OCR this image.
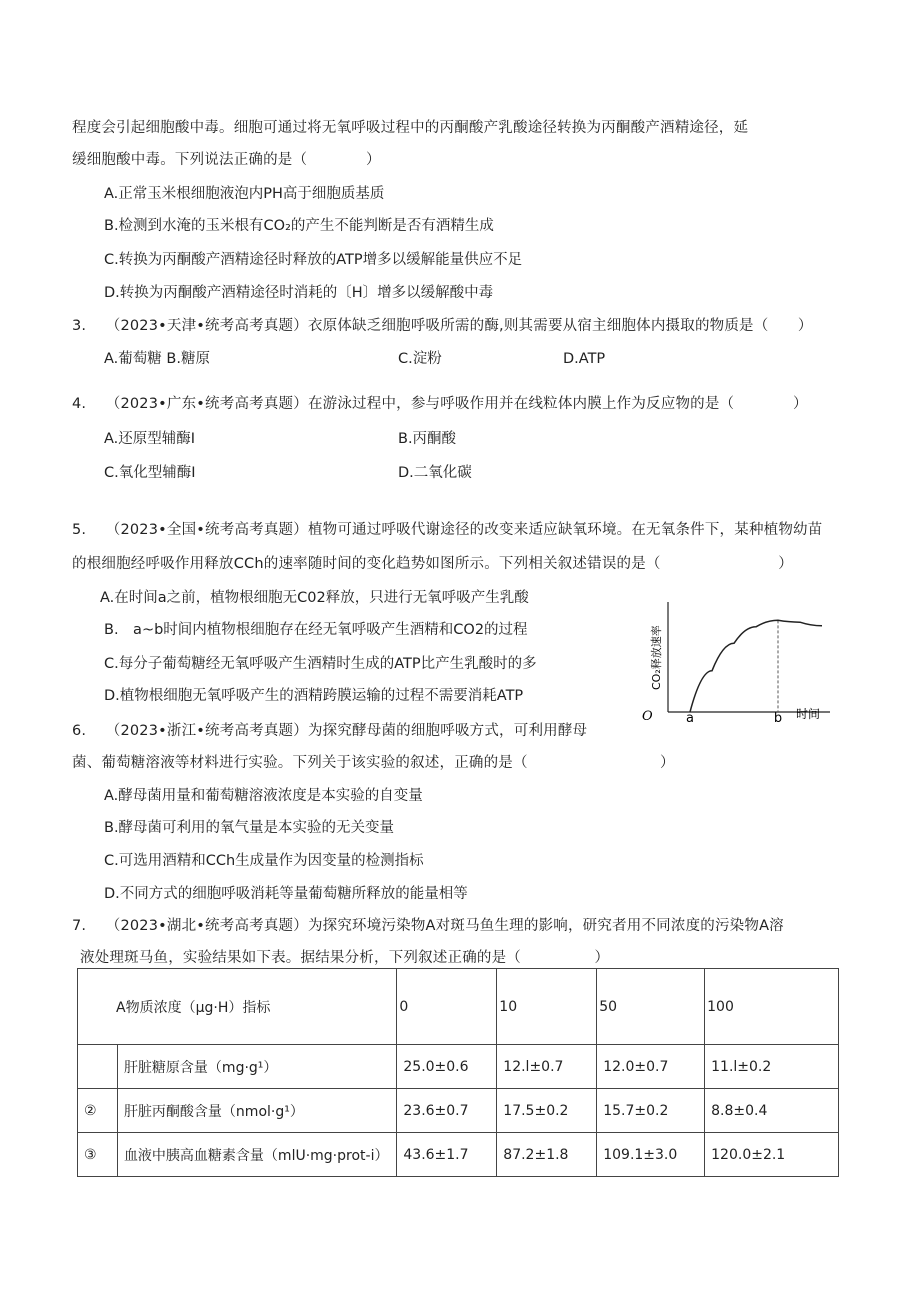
程度会引起细胞酸中毒。细胞可通过将无氧呼吸过程中的丙酮酸产乳酸途径转换为丙酮酸产酒精途径，延
缓细胞酸中毒。下列说法正确的是（　　　　）
A.正常玉米根细胞液泡内PH高于细胞质基质
B.检测到水淹的玉米根有CO₂的产生不能判断是否有酒精生成
C.转换为丙酮酸产酒精途径时释放的ATP增多以缓解能量供应不足
D.转换为丙酮酸产酒精途径时消耗的〔H〕增多以缓解酸中毒
3.　 （2023•天津•统考高考真题）衣原体缺乏细胞呼吸所需的酶,则其需要从宿主细胞体内摄取的物质是（　　）
A.葡萄糖 B.糖原	C.淀粉	D.ATP
4.　 （2023•广东•统考高考真题）在游泳过程中，参与呼吸作用并在线粒体内膜上作为反应物的是（　　　　）
A.还原型辅酶I	B.丙酮酸
C.氧化型辅酶I	D.二氧化碳
5.　 （2023•全国•统考高考真题）植物可通过呼吸代谢途径的改变来适应缺氧环境。在无氧条件下，某种植物幼苗
的根细胞经呼吸作用释放CCh的速率随时间的变化趋势如图所示。下列相关叙述错误的是（　　　　　　　　）
A.在时间a之前，植物根细胞无C02释放，只进行无氧呼吸产生乳酸
B.　a~b时间内植物根细胞存在经无氧呼吸产生酒精和CO2的过程
C.每分子葡萄糖经无氧呼吸产生酒精时生成的ATP比产生乳酸时的多
D.植物根细胞无氧呼吸产生的酒精跨膜运输的过程不需要消耗ATP
O	a	b 时间
CO₂释放速率
6.　 （2023•浙江•统考高考真题）为探究酵母菌的细胞呼吸方式，可利用酵母
菌、葡萄糖溶液等材料进行实验。下列关于该实验的叙述，正确的是（　　　　　　　　　）
A.酵母菌用量和葡萄糖溶液浓度是本实验的自变量
B.酵母菌可利用的氧气量是本实验的无关变量
C.可选用酒精和CCh生成量作为因变量的检测指标
D.不同方式的细胞呼吸消耗等量葡萄糖所释放的能量相等
7.　 （2023•湖北•统考高考真题）为探究环境污染物A对斑马鱼生理的影响，研究者用不同浓度的污染物A溶
液处理斑马鱼，实验结果如下表。据结果分析，下列叙述正确的是（　　　　　）
A物质浓度（μg·H）指标		0	10	50	100
	肝脏糖原含量（mg·g¹）	25.0±0.6	12.l±0.7	12.0±0.7	11.l±0.2
②	肝脏丙酮酸含量（nmol·g¹）	23.6±0.7	17.5±0.2	15.7±0.2	8.8±0.4
③	血液中胰高血糖素含量（mlU·mg·prot-i）	43.6±1.7	87.2±1.8	109.1±3.0	120.0±2.1
